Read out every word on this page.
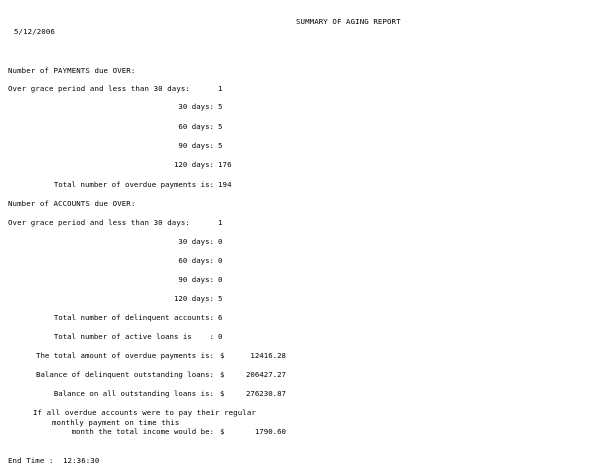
SUMMARY OF AGING REPORT
5/12/2006
Number of PAYMENTS due OVER:
Over grace period and less than 30 days:	1
30 days: 5
60 days: 5
90 days: 5
120 days: 176
Total number of overdue payments is: 194
Number of ACCOUNTS due OVER:
Over grace period and less than 30 days:	1
30 days: 0
60 days: 0
90 days: 0
120 days: 5
Total number of delinquent accounts: 6
Total number of active loans is    : 0
The total amount of overdue payments is: $	12416.28
Balance of delinquent outstanding loans: $	206427.27
Balance on all outstanding loans is: $	276230.87
If all overdue accounts were to pay their regular
monthly payment on time this
month the total income would be: $	1790.60
End Time : 12:36:30
